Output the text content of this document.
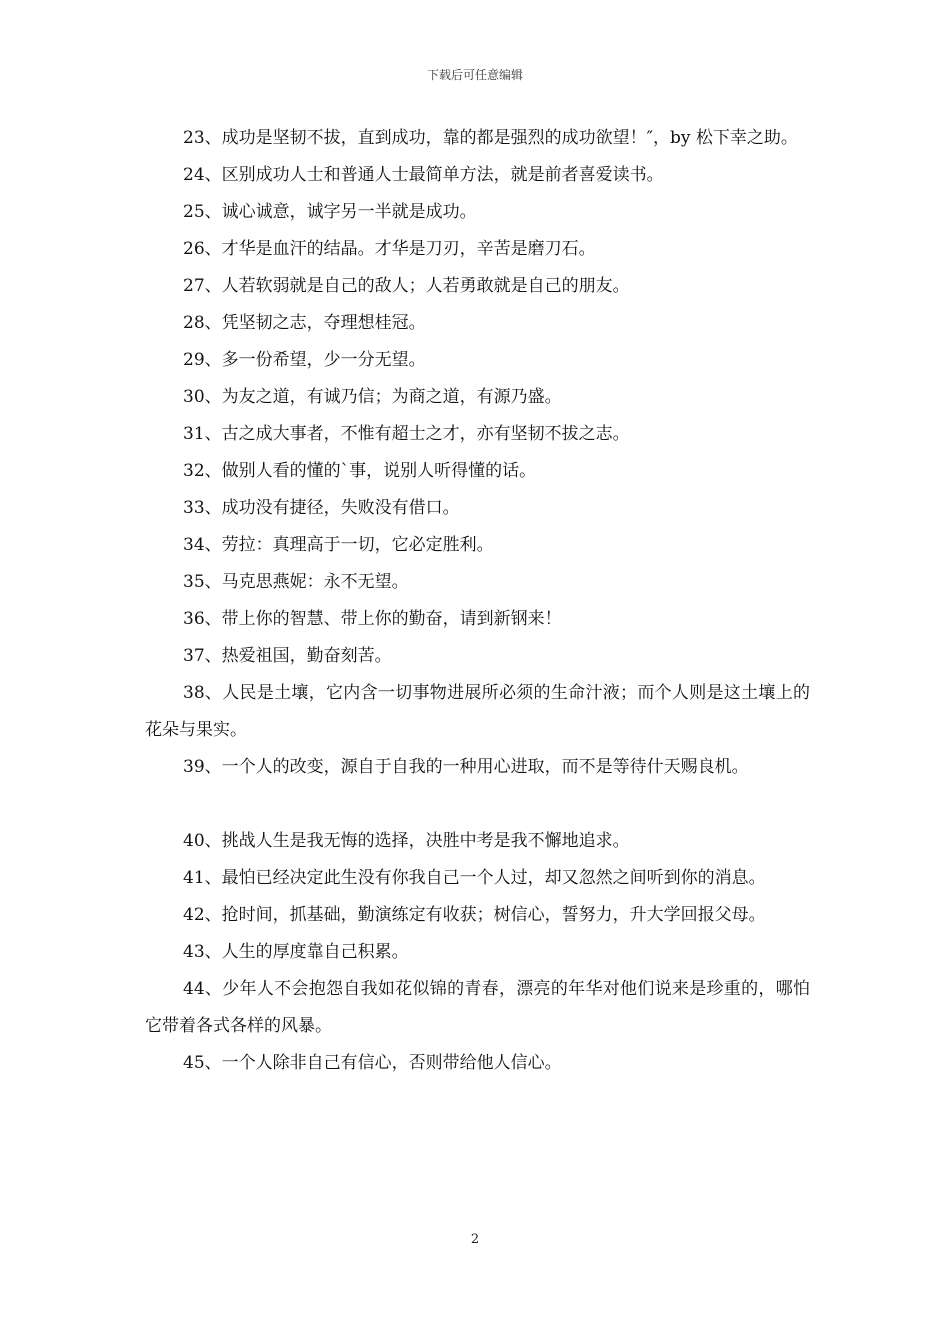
下载后可任意编辑

23、成功是坚韧不拔，直到成功，靠的都是强烈的成功欲望！″，by 松下幸之助。

24、区别成功人士和普通人士最简单方法，就是前者喜爱读书。

25、诚心诚意，诚字另一半就是成功。

26、才华是血汗的结晶。才华是刀刃，辛苦是磨刀石。

27、人若软弱就是自己的敌人；人若勇敢就是自己的朋友。

28、凭坚韧之志，夺理想桂冠。

29、多一份希望，少一分无望。

30、为友之道，有诚乃信；为商之道，有源乃盛。

31、古之成大事者，不惟有超士之才，亦有坚韧不拔之志。

32、做别人看的懂的`事，说别人听得懂的话。

33、成功没有捷径，失败没有借口。

34、劳拉：真理高于一切，它必定胜利。

35、马克思燕妮：永不无望。

36、带上你的智慧、带上你的勤奋，请到新钢来！

37、热爱祖国，勤奋刻苦。

38、人民是土壤，它内含一切事物进展所必须的生命汁液；而个人则是这土壤上的花朵与果实。

39、一个人的改变，源自于自我的一种用心进取，而不是等待什天赐良机。

40、挑战人生是我无悔的选择，决胜中考是我不懈地追求。

41、最怕已经决定此生没有你我自己一个人过，却又忽然之间听到你的消息。

42、抢时间，抓基础，勤演练定有收获；树信心，誓努力，升大学回报父母。

43、人生的厚度靠自己积累。

44、少年人不会抱怨自我如花似锦的青春，漂亮的年华对他们说来是珍重的，哪怕它带着各式各样的风暴。

45、一个人除非自己有信心，否则带给他人信心。

2
